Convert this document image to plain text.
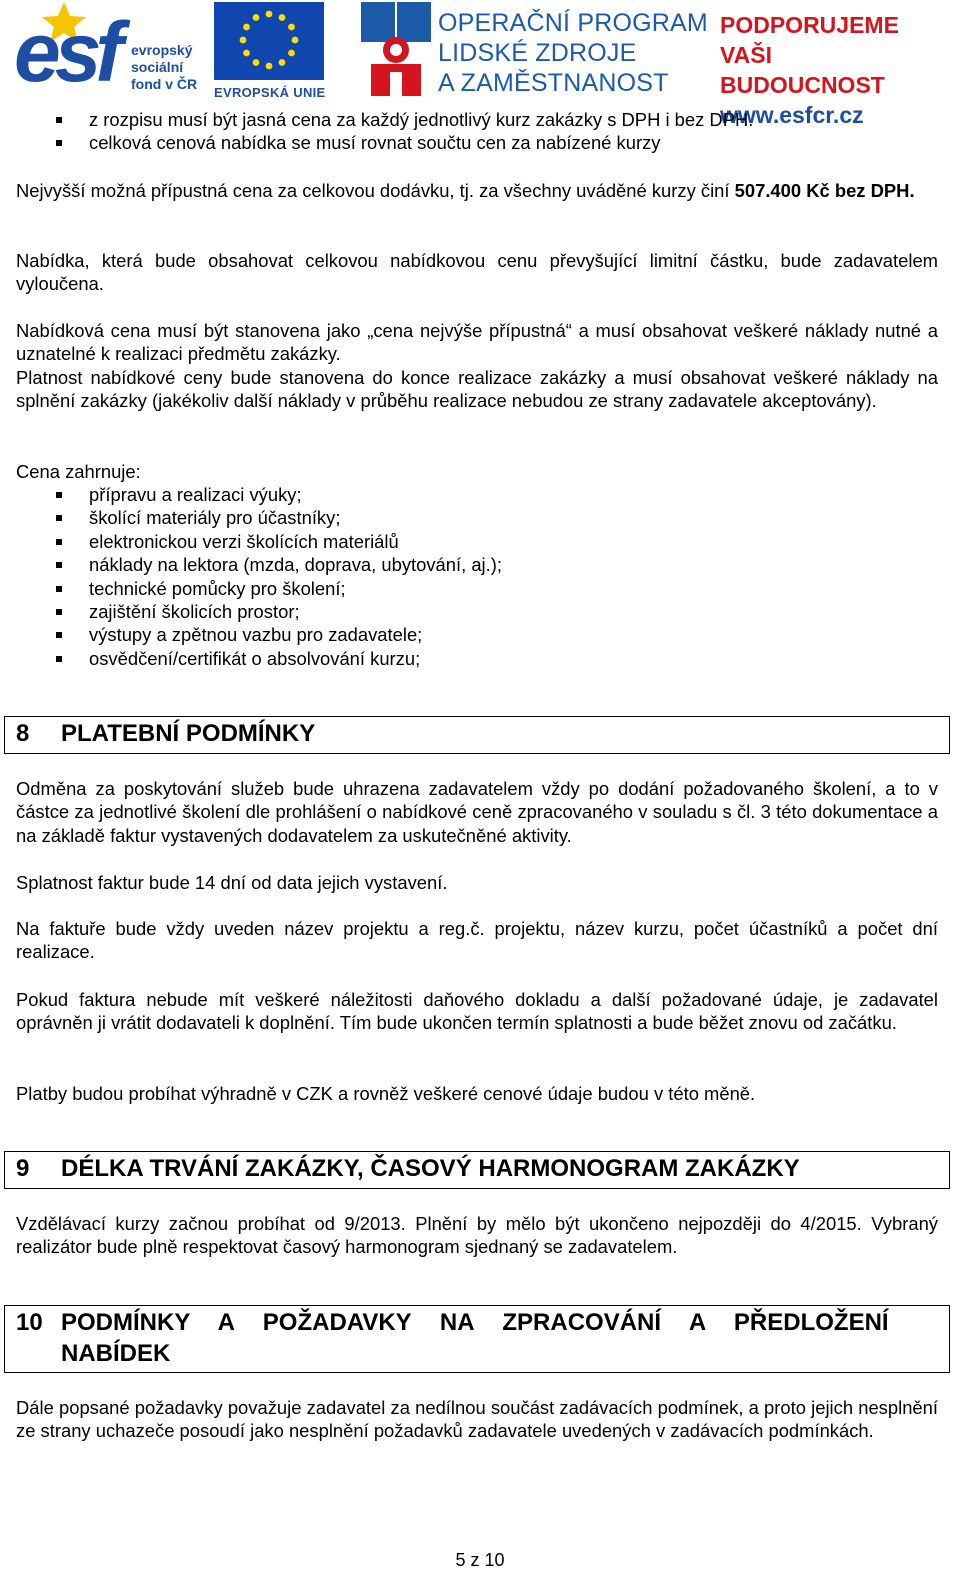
esf evropský
sociální
fond v ČR
EVROPSKÁ UNIE
OPERAČNÍ PROGRAM
LIDSKÉ ZDROJE
A ZAMĚSTNANOST
PODPORUJEME
VAŠI BUDOUCNOST
www.esfcr.cz
z rozpisu musí být jasná cena za každý jednotlivý kurz zakázky s DPH i bez DPH.
celková cenová nabídka se musí rovnat součtu cen za nabízené kurzy

Nejvyšší možná přípustná cena za celkovou dodávku, tj. za všechny uváděné kurzy činí 507.400 Kč bez DPH.

Nabídka, která bude obsahovat celkovou nabídkovou cenu převyšující limitní částku, bude zadavatelem vyloučena.

Nabídková cena musí být stanovena jako „cena nejvýše přípustná“ a musí obsahovat veškeré náklady nutné a uznatelné k realizaci předmětu zakázky.

Platnost nabídkové ceny bude stanovena do konce realizace zakázky a musí obsahovat veškeré náklady na splnění zakázky (jakékoliv další náklady v průběhu realizace nebudou ze strany zadavatele akceptovány).

Cena zahrnuje:

přípravu a realizaci výuky;
školící materiály pro účastníky;
elektronickou verzi školících materiálů
náklady na lektora (mzda, doprava, ubytování, aj.);
technické pomůcky pro školení;
zajištění školicích prostor;
výstupy a zpětnou vazbu pro zadavatele;
osvědčení/certifikát o absolvování kurzu;
8 PLATEBNÍ PODMÍNKY

Odměna za poskytování služeb bude uhrazena zadavatelem vždy po dodání požadovaného školení, a to v částce za jednotlivé školení dle prohlášení o nabídkové ceně zpracovaného v souladu s čl. 3 této dokumentace a na základě faktur vystavených dodavatelem za uskutečněné aktivity.

Splatnost faktur bude 14 dní od data jejich vystavení.

Na faktuře bude vždy uveden název projektu a reg.č. projektu, název kurzu, počet účastníků a počet dní realizace.

Pokud faktura nebude mít veškeré náležitosti daňového dokladu a další požadované údaje, je zadavatel oprávněn ji vrátit dodavateli k doplnění. Tím bude ukončen termín splatnosti a bude běžet znovu od začátku.

Platby budou probíhat výhradně v CZK a rovněž veškeré cenové údaje budou v této měně.

9 DÉLKA TRVÁNÍ ZAKÁZKY, ČASOVÝ HARMONOGRAM ZAKÁZKY

Vzdělávací kurzy začnou probíhat od 9/2013. Plnění by mělo být ukončeno nejpozději do 4/2015. Vybraný realizátor bude plně respektovat časový harmonogram sjednaný se zadavatelem.

10 PODMÍNKY A POŽADAVKY NA ZPRACOVÁNÍ A PŘEDLOŽENÍ
NABÍDEK

Dále popsané požadavky považuje zadavatel za nedílnou součást zadávacích podmínek, a proto jejich nesplnění ze strany uchazeče posoudí jako nesplnění požadavků zadavatele uvedených v zadávacích podmínkách.

5 z 10
